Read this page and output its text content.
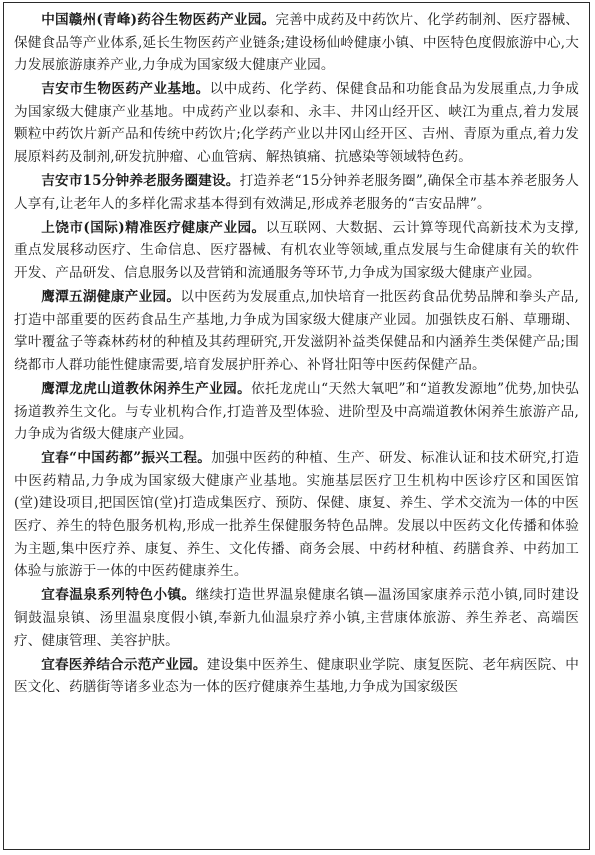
中国赣州(青峰)药谷生物医药产业园。完善中成药及中药饮片、化学药制剂、医疗器械、保健食品等产业体系,延长生物医药产业链条;建设杨仙岭健康小镇、中医特色度假旅游中心,大力发展旅游康养产业,力争成为国家级大健康产业园。

吉安市生物医药产业基地。以中成药、化学药、保健食品和功能食品为发展重点,力争成为国家级大健康产业基地。中成药产业以泰和、永丰、井冈山经开区、峡江为重点,着力发展颗粒中药饮片新产品和传统中药饮片;化学药产业以井冈山经开区、吉州、青原为重点,着力发展原料药及制剂,研发抗肿瘤、心血管病、解热镇痛、抗感染等领域特色药。

吉安市15分钟养老服务圈建设。打造养老“15分钟养老服务圈”,确保全市基本养老服务人人享有,让老年人的多样化需求基本得到有效满足,形成养老服务的“吉安品牌”。

上饶市(国际)精准医疗健康产业园。以互联网、大数据、云计算等现代高新技术为支撑,重点发展移动医疗、生命信息、医疗器械、有机农业等领域,重点发展与生命健康有关的软件开发、产品研发、信息服务以及营销和流通服务等环节,力争成为国家级大健康产业园。

鹰潭五湖健康产业园。以中医药为发展重点,加快培育一批医药食品优势品牌和拳头产品,打造中部重要的医药食品生产基地,力争成为国家级大健康产业园。加强铁皮石斛、草珊瑚、掌叶覆盆子等森林药材的种植及其药理研究,开发滋阴补益类保健品和内涵养生类保健产品;围绕都市人群功能性健康需要,培育发展护肝养心、补肾壮阳等中医药保健产品。

鹰潭龙虎山道教休闲养生产业园。依托龙虎山“天然大氧吧”和“道教发源地”优势,加快弘扬道教养生文化。与专业机构合作,打造普及型体验、进阶型及中高端道教休闲养生旅游产品,力争成为省级大健康产业园。

宜春“中国药都”振兴工程。加强中医药的种植、生产、研发、标准认证和技术研究,打造中医药精品,力争成为国家级大健康产业基地。实施基层医疗卫生机构中医诊疗区和国医馆(堂)建设项目,把国医馆(堂)打造成集医疗、预防、保健、康复、养生、学术交流为一体的中医医疗、养生的特色服务机构,形成一批养生保健服务特色品牌。发展以中医药文化传播和体验为主题,集中医疗养、康复、养生、文化传播、商务会展、中药材种植、药膳食养、中药加工体验与旅游于一体的中医药健康养生。

宜春温泉系列特色小镇。继续打造世界温泉健康名镇—温汤国家康养示范小镇,同时建设铜鼓温泉镇、汤里温泉度假小镇,奉新九仙温泉疗养小镇,主营康体旅游、养生养老、高端医疗、健康管理、美容护肤。

宜春医养结合示范产业园。建设集中医养生、健康职业学院、康复医院、老年病医院、中医文化、药膳街等诸多业态为一体的医疗健康养生基地,力争成为国家级医
